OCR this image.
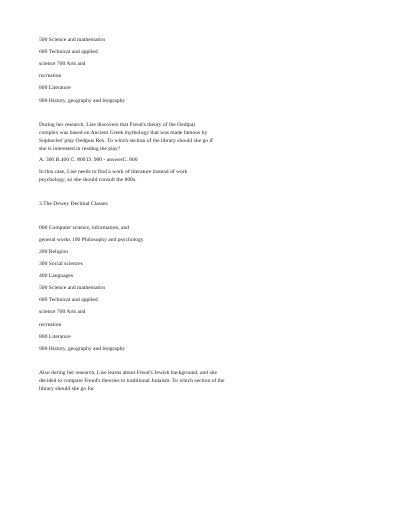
500 Science and mathematics
600 Technical and applied
science 700 Arts and
recreation
800 Literature
900 History, geography and biography
During her research, Lise discovers that Freud's theory of the Oedipal
complex was based on Ancient Greek mythology that was made famous by
Sophocles' play Oedipus Rex. To which section of the library should she go if
she is interested in reading the play?
A. 300 B.400 C. 800 D. 900 - answerC. 800
In this case, Lise needs to find a work of literature instead of work
psychology, so she should consult the 800s.
3.The Dewey Decimal Classes
000 Computer science, information, and
general works 100 Philosophy and psychology
200 Religion
300 Social sciences
400 Languages
500 Science and mathematics
600 Technical and applied
science 700 Arts and
recreation
800 Literature
900 History, geography and biography
Also during her research, Lise learns about Freud's Jewish background, and she
decided to compare Freud's theories to traditional Judaism. To which section of the
library should she go for
